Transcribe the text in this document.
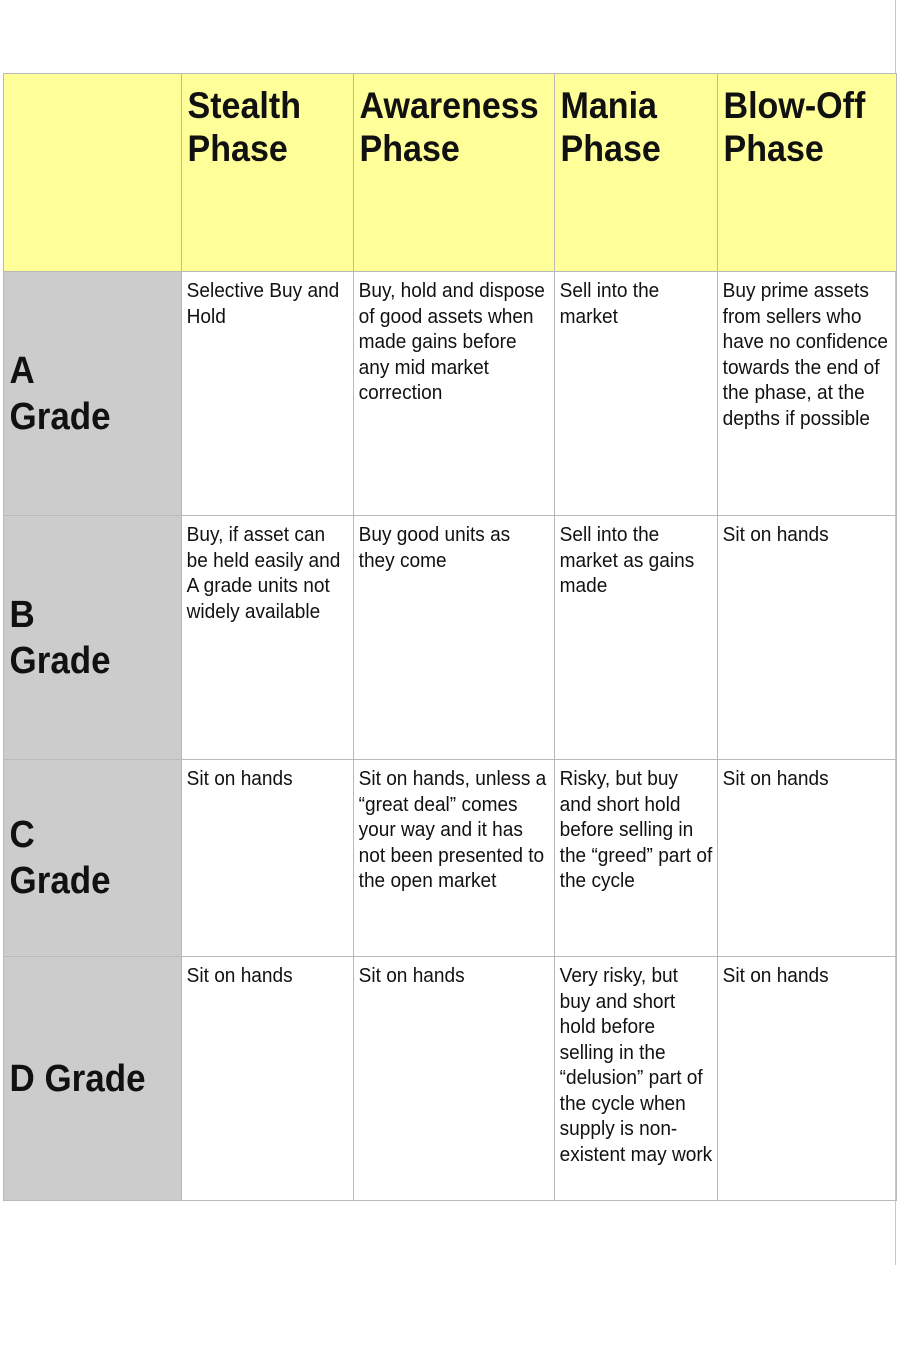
	Stealth
Phase	Awareness
Phase	Mania
Phase	Blow-Off
Phase

A
Grade	Selective Buy and Hold	Buy, hold and dispose of good assets when made gains before any mid market correction	Sell into the market	Buy prime assets from sellers who have no confidence towards the end of the phase, at the depths if possible

B
Grade	Buy, if asset can be held easily and A grade units not widely available	Buy good units as they come	Sell into the market as gains made	Sit on hands

C
Grade	Sit on hands	Sit on hands, unless a “great deal” comes your way and it has not been presented to the open market	Risky, but buy and short hold before selling in the “greed” part of the cycle	Sit on hands

D Grade	Sit on hands	Sit on hands	Very risky, but buy and short hold before selling in the “delusion” part of the cycle when supply is non-existent may work	Sit on hands
